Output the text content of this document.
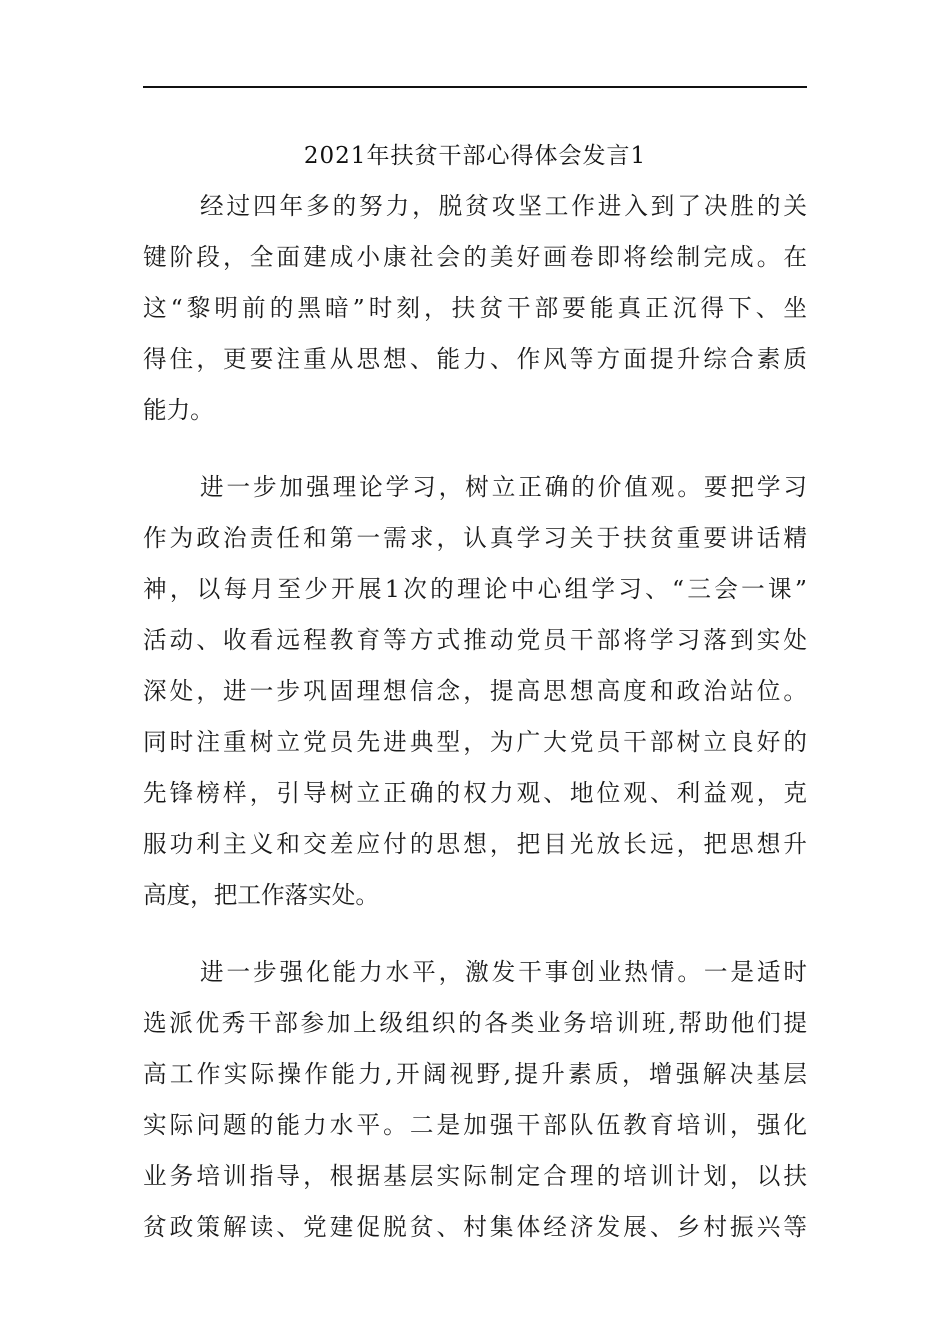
2021年扶贫干部心得体会发言1
经过四年多的努力，脱贫攻坚工作进入到了决胜的关
键阶段，全面建成小康社会的美好画卷即将绘制完成。在
这“黎明前的黑暗”时刻，扶贫干部要能真正沉得下、坐
得住，更要注重从思想、能力、作风等方面提升综合素质
能力。
进一步加强理论学习，树立正确的价值观。要把学习
作为政治责任和第一需求，认真学习关于扶贫重要讲话精
神，以每月至少开展1次的理论中心组学习、“三会一课”
活动、收看远程教育等方式推动党员干部将学习落到实处
深处，进一步巩固理想信念，提高思想高度和政治站位。
同时注重树立党员先进典型，为广大党员干部树立良好的
先锋榜样，引导树立正确的权力观、地位观、利益观，克
服功利主义和交差应付的思想，把目光放长远，把思想升
高度，把工作落实处。
进一步强化能力水平，激发干事创业热情。一是适时
选派优秀干部参加上级组织的各类业务培训班,帮助他们提
高工作实际操作能力,开阔视野,提升素质，增强解决基层
实际问题的能力水平。二是加强干部队伍教育培训，强化
业务培训指导，根据基层实际制定合理的培训计划，以扶
贫政策解读、党建促脱贫、村集体经济发展、乡村振兴等
